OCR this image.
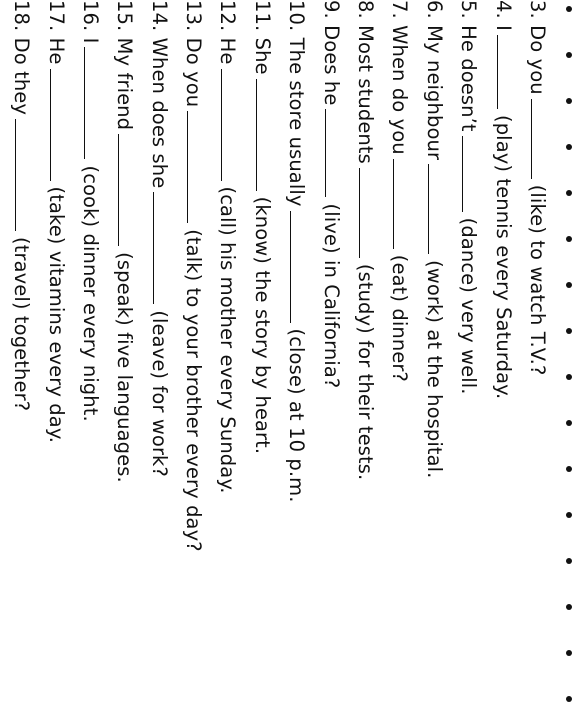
3. Do you(like) to watch T.V.?
4. I(play) tennis every Saturday.
5. He doesn’t(dance) very well.
6. My neighbour(work) at the hospital.
7. When do you(eat) dinner?
8. Most students(study) for their tests.
9. Does he(live) in California?
10. The store usually(close) at 10 p.m.
11. She(know) the story by heart.
12. He(call) his mother every Sunday.
13. Do you(talk) to your brother every day?
14. When does she(leave) for work?
15. My friend(speak) five languages.
16. I(cook) dinner every night.
17. He(take) vitamins every day.
18. Do they(travel) together?
